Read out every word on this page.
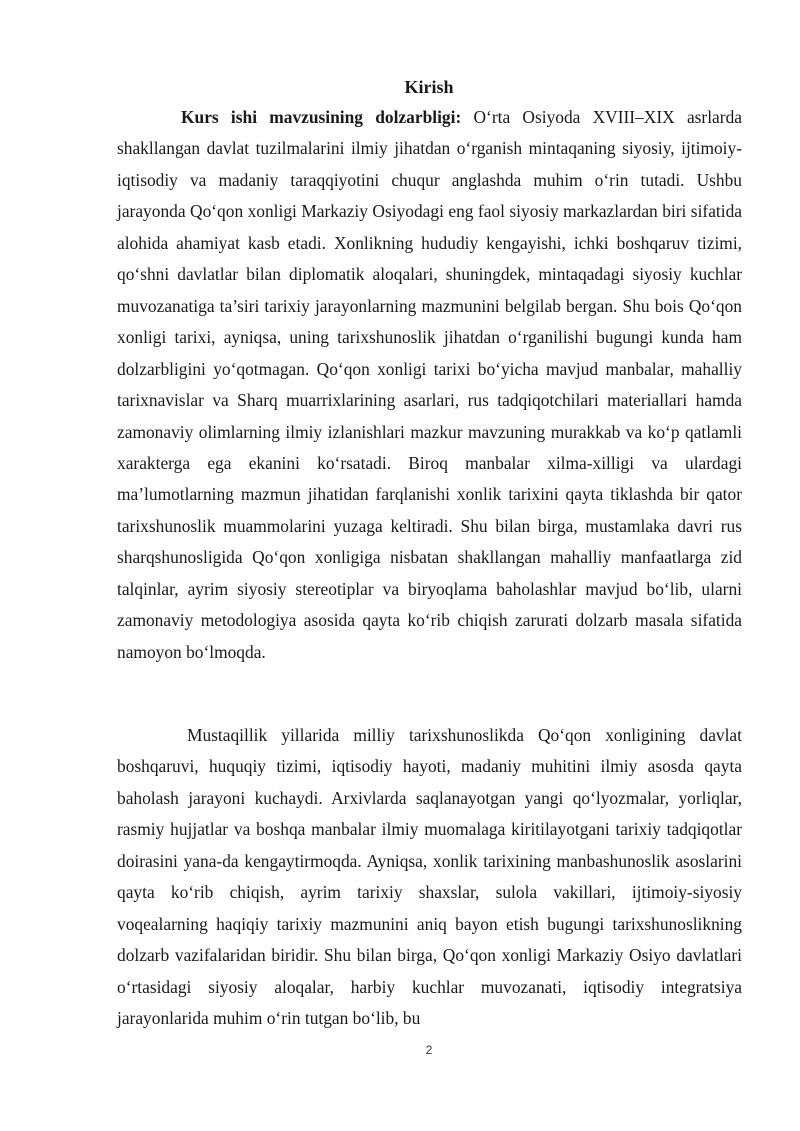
Kirish

Kurs ishi mavzusining dolzarbligi: O‘rta Osiyoda XVIII–XIX asrlarda shakllangan davlat tuzilmalarini ilmiy jihatdan o‘rganish mintaqaning siyosiy, ijtimoiy-iqtisodiy va madaniy taraqqiyotini chuqur anglashda muhim o‘rin tutadi. Ushbu jarayonda Qo‘qon xonligi Markaziy Osiyodagi eng faol siyosiy markazlardan biri sifatida alohida ahamiyat kasb etadi. Xonlikning hududiy kengayishi, ichki boshqaruv tizimi, qo‘shni davlatlar bilan diplomatik aloqalari, shuningdek, mintaqadagi siyosiy kuchlar muvozanatiga ta’siri tarixiy jarayonlarning mazmunini belgilab bergan. Shu bois Qo‘qon xonligi tarixi, ayniqsa, uning tarixshunoslik jihatdan o‘rganilishi bugungi kunda ham dolzarbligini yo‘qotmagan. Qo‘qon xonligi tarixi bo‘yicha mavjud manbalar, mahalliy tarixnavislar va Sharq muarrixlarining asarlari, rus tadqiqotchilari materiallari hamda zamonaviy olimlarning ilmiy izlanishlari mazkur mavzuning murakkab va ko‘p qatlamli xarakterga ega ekanini ko‘rsatadi. Biroq manbalar xilma-xilligi va ulardagi ma’lumotlarning mazmun jihatidan farqlanishi xonlik tarixini qayta tiklashda bir qator tarixshunoslik muammolarini yuzaga keltiradi. Shu bilan birga, mustamlaka davri rus sharqshunosligida Qo‘qon xonligiga nisbatan shakllangan mahalliy manfaatlarga zid talqinlar, ayrim siyosiy stereotiplar va biryoqlama baholashlar mavjud bo‘lib, ularni zamonaviy metodologiya asosida qayta ko‘rib chiqish zarurati dolzarb masala sifatida namoyon bo‘lmoqda.

Mustaqillik yillarida milliy tarixshunoslikda Qo‘qon xonligining davlat boshqaruvi, huquqiy tizimi, iqtisodiy hayoti, madaniy muhitini ilmiy asosda qayta baholash jarayoni kuchaydi. Arxivlarda saqlanayotgan yangi qo‘lyozmalar, yorliqlar, rasmiy hujjatlar va boshqa manbalar ilmiy muomalaga kiritilayotgani tarixiy tadqiqotlar doirasini yana-da kengaytirmoqda. Ayniqsa, xonlik tarixining manbashunoslik asoslarini qayta ko‘rib chiqish, ayrim tarixiy shaxslar, sulola vakillari, ijtimoiy-siyosiy voqealarning haqiqiy tarixiy mazmunini aniq bayon etish bugungi tarixshunoslikning dolzarb vazifalaridan biridir. Shu bilan birga, Qo‘qon xonligi Markaziy Osiyo davlatlari o‘rtasidagi siyosiy aloqalar, harbiy kuchlar muvozanati, iqtisodiy integratsiya jarayonlarida muhim o‘rin tutgan bo‘lib, bu

2
